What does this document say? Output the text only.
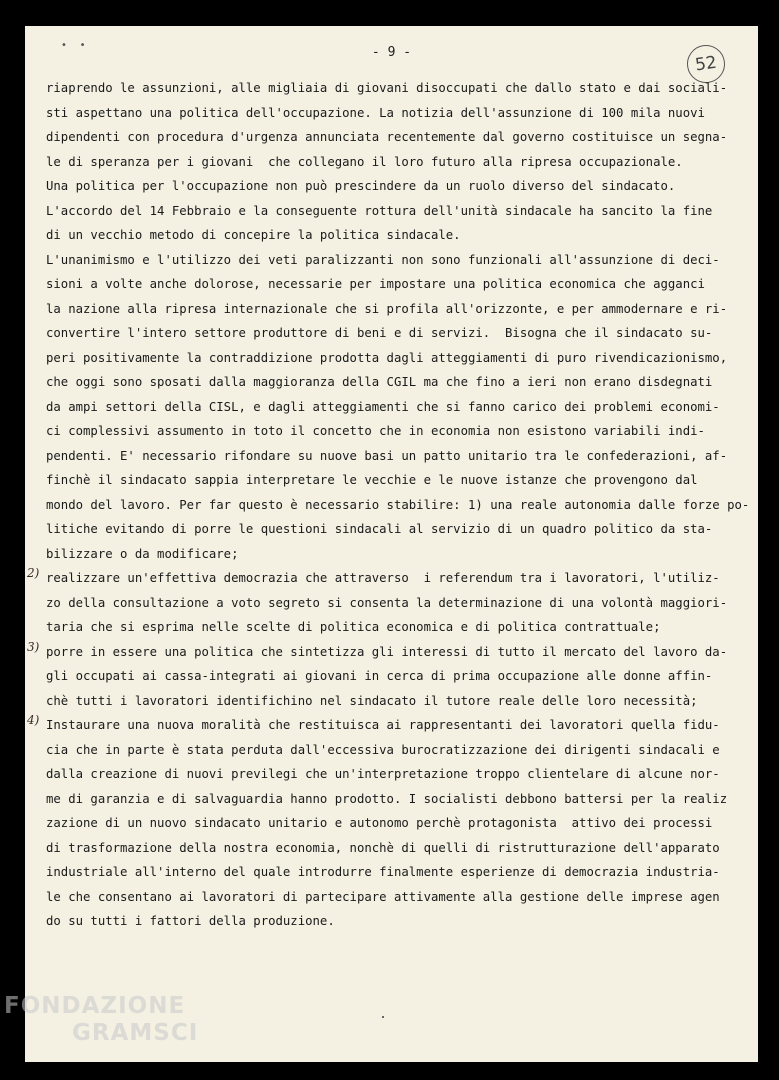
•    •	- 9 -
52
riaprendo le assunzioni, alle migliaia di giovani disoccupati che dallo stato e dai sociali-
sti aspettano una politica dell'occupazione. La notizia dell'assunzione di 100 mila nuovi
dipendenti con procedura d'urgenza annunciata recentemente dal governo costituisce un segna-
le di speranza per i giovani  che collegano il loro futuro alla ripresa occupazionale.
Una politica per l'occupazione non può prescindere da un ruolo diverso del sindacato.
L'accordo del 14 Febbraio e la conseguente rottura dell'unità sindacale ha sancito la fine
di un vecchio metodo di concepire la politica sindacale.
L'unanimismo e l'utilizzo dei veti paralizzanti non sono funzionali all'assunzione di deci-
sioni a volte anche dolorose, necessarie per impostare una politica economica che agganci
la nazione alla ripresa internazionale che si profila all'orizzonte, e per ammodernare e ri-
convertire l'intero settore produttore di beni e di servizi.  Bisogna che il sindacato su-
peri positivamente la contraddizione prodotta dagli atteggiamenti di puro rivendicazionismo,
che oggi sono sposati dalla maggioranza della CGIL ma che fino a ieri non erano disdegnati
da ampi settori della CISL, e dagli atteggiamenti che si fanno carico dei problemi economi-
ci complessivi assumento in toto il concetto che in economia non esistono variabili indi-
pendenti. E' necessario rifondare su nuove basi un patto unitario tra le confederazioni, af-
finchè il sindacato sappia interpretare le vecchie e le nuove istanze che provengono dal
mondo del lavoro. Per far questo è necessario stabilire: 1) una reale autonomia dalle forze po-
litiche evitando di porre le questioni sindacali al servizio di un quadro politico da sta-
bilizzare o da modificare;
realizzare un'effettiva democrazia che attraverso  i referendum tra i lavoratori, l'utiliz-
2)
zo della consultazione a voto segreto si consenta la determinazione di una volontà maggiori-
taria che si esprima nelle scelte di politica economica e di politica contrattuale;
porre in essere una politica che sintetizza gli interessi di tutto il mercato del lavoro da-
3)
gli occupati ai cassa-integrati ai giovani in cerca di prima occupazione alle donne affin-
chè tutti i lavoratori identifichino nel sindacato il tutore reale delle loro necessità;
Instaurare una nuova moralità che restituisca ai rappresentanti dei lavoratori quella fidu-
4)
cia che in parte è stata perduta dall'eccessiva burocratizzazione dei dirigenti sindacali e
dalla creazione di nuovi previlegi che un'interpretazione troppo clientelare di alcune nor-
me di garanzia e di salvaguardia hanno prodotto. I socialisti debbono battersi per la realiz
zazione di un nuovo sindacato unitario e autonomo perchè protagonista  attivo dei processi
di trasformazione della nostra economia, nonchè di quelli di ristrutturazione dell'apparato
industriale all'interno del quale introdurre finalmente esperienze di democrazia industria-
le che consentano ai lavoratori di partecipare attivamente alla gestione delle imprese agen
do su tutti i fattori della produzione.
FONDAZIONE
GRAMSCI
